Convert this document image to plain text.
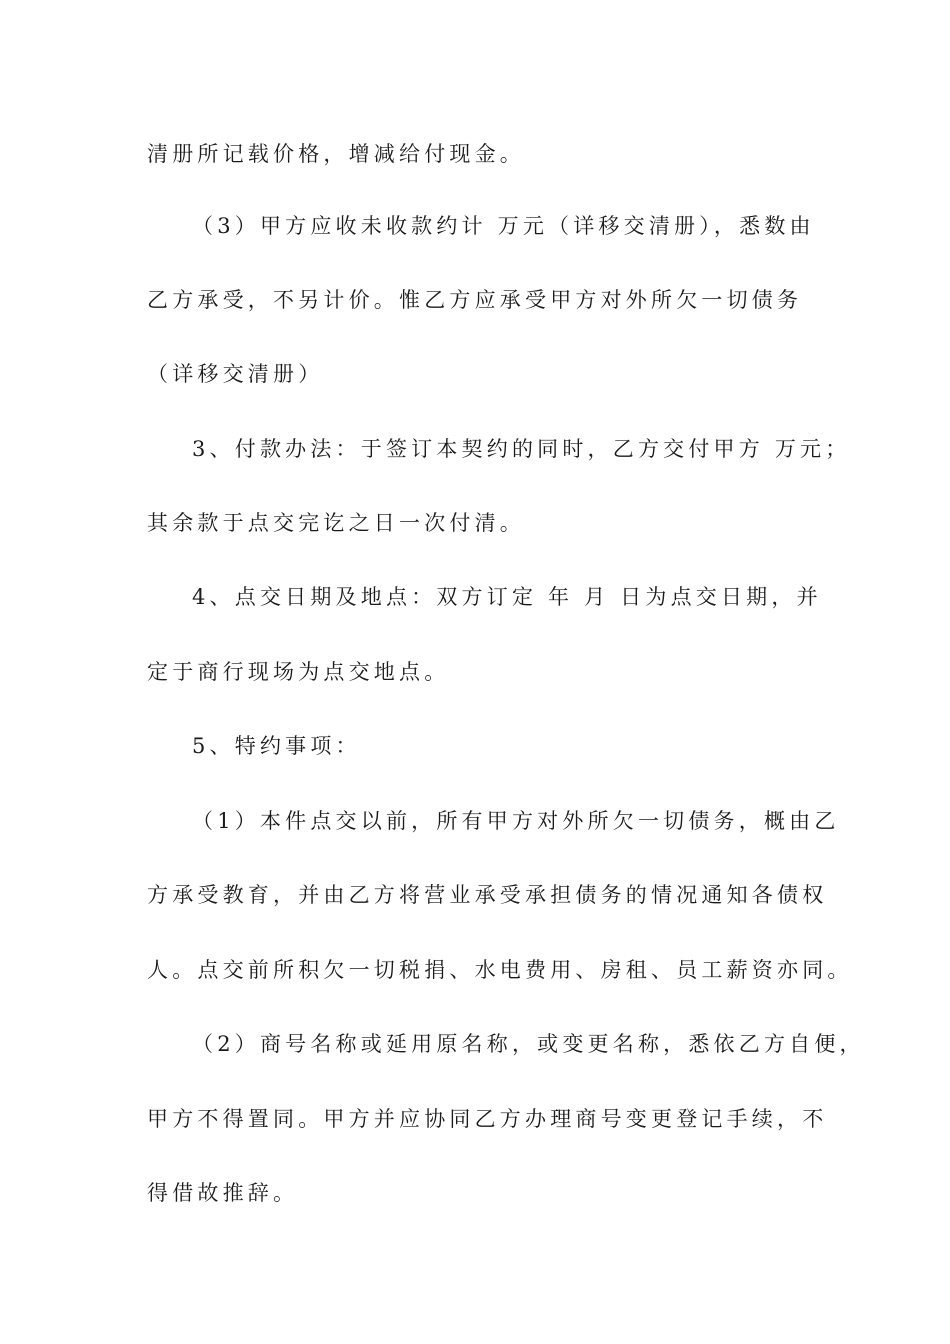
清册所记载价格，增减给付现金。
（3）甲方应收未收款约计 万元（详移交清册），悉数由
乙方承受，不另计价。惟乙方应承受甲方对外所欠一切债务
（详移交清册）
3、付款办法：于签订本契约的同时，乙方交付甲方 万元；
其余款于点交完讫之日一次付清。
4、点交日期及地点：双方订定 年 月 日为点交日期，并
定于商行现场为点交地点。
5、特约事项：
（1）本件点交以前，所有甲方对外所欠一切债务，概由乙
方承受教育，并由乙方将营业承受承担债务的情况通知各债权
人。点交前所积欠一切税捐、水电费用、房租、员工薪资亦同。
（2）商号名称或延用原名称，或变更名称，悉依乙方自便，
甲方不得置同。甲方并应协同乙方办理商号变更登记手续，不
得借故推辞。
